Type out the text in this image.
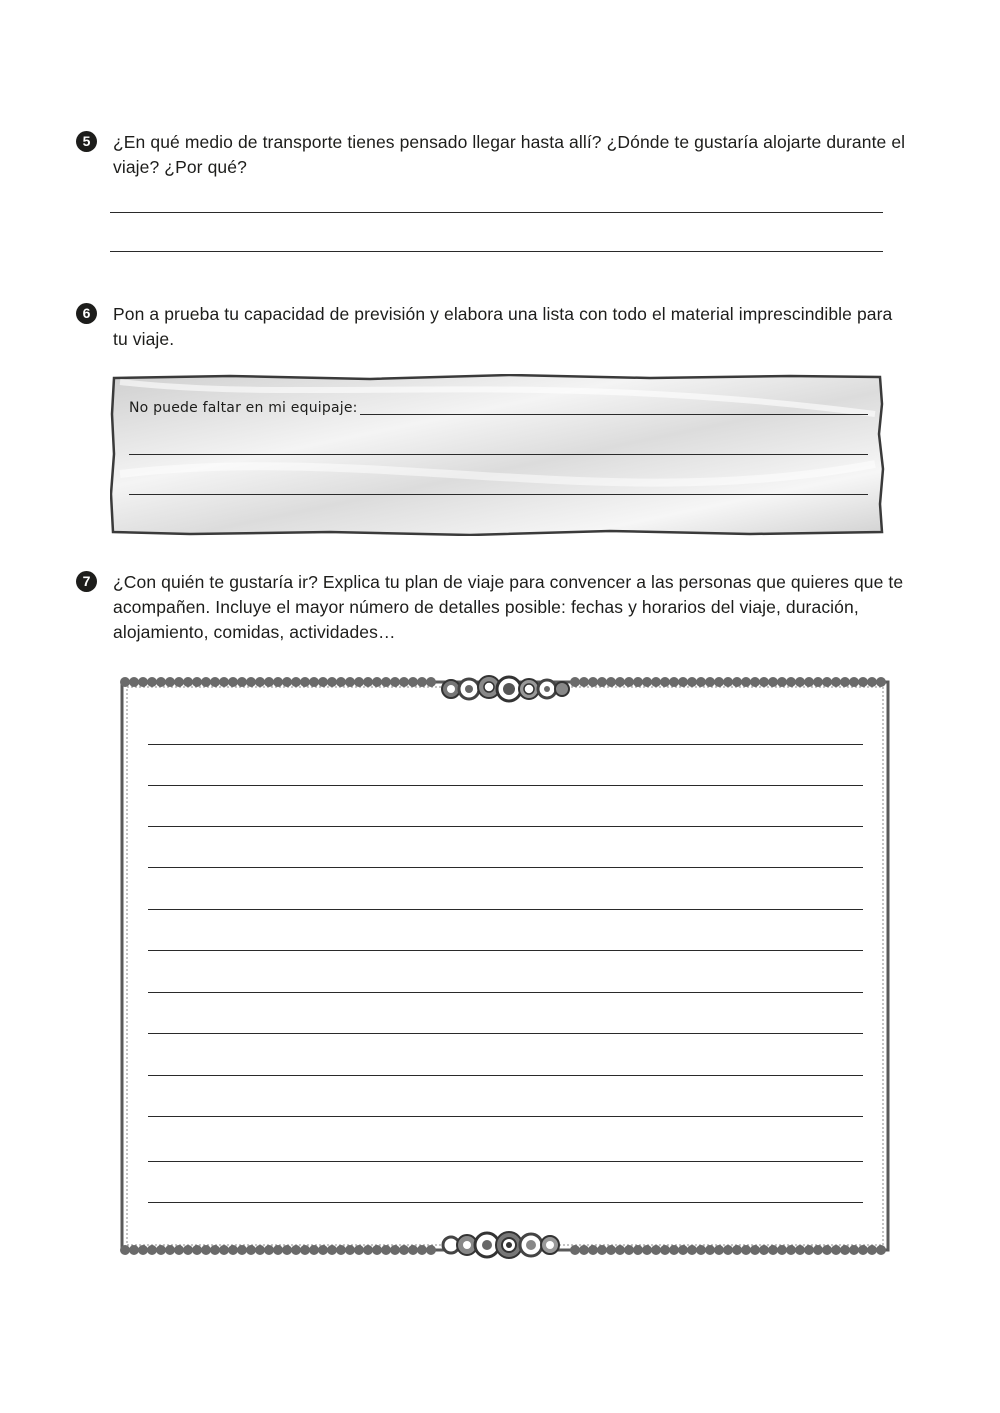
5	¿En qué medio de transporte tienes pensado llegar hasta allí? ¿Dónde te gustaría alojarte durante el viaje? ¿Por qué?
6	Pon a prueba tu capacidad de previsión y elabora una lista con todo el material imprescindible para tu viaje.
No puede faltar en mi equipaje:
7	¿Con quién te gustaría ir? Explica tu plan de viaje para convencer a las personas que quieres que te acompañen. Incluye el mayor número de detalles posible: fechas y horarios del viaje, duración, alojamiento, comidas, actividades…
